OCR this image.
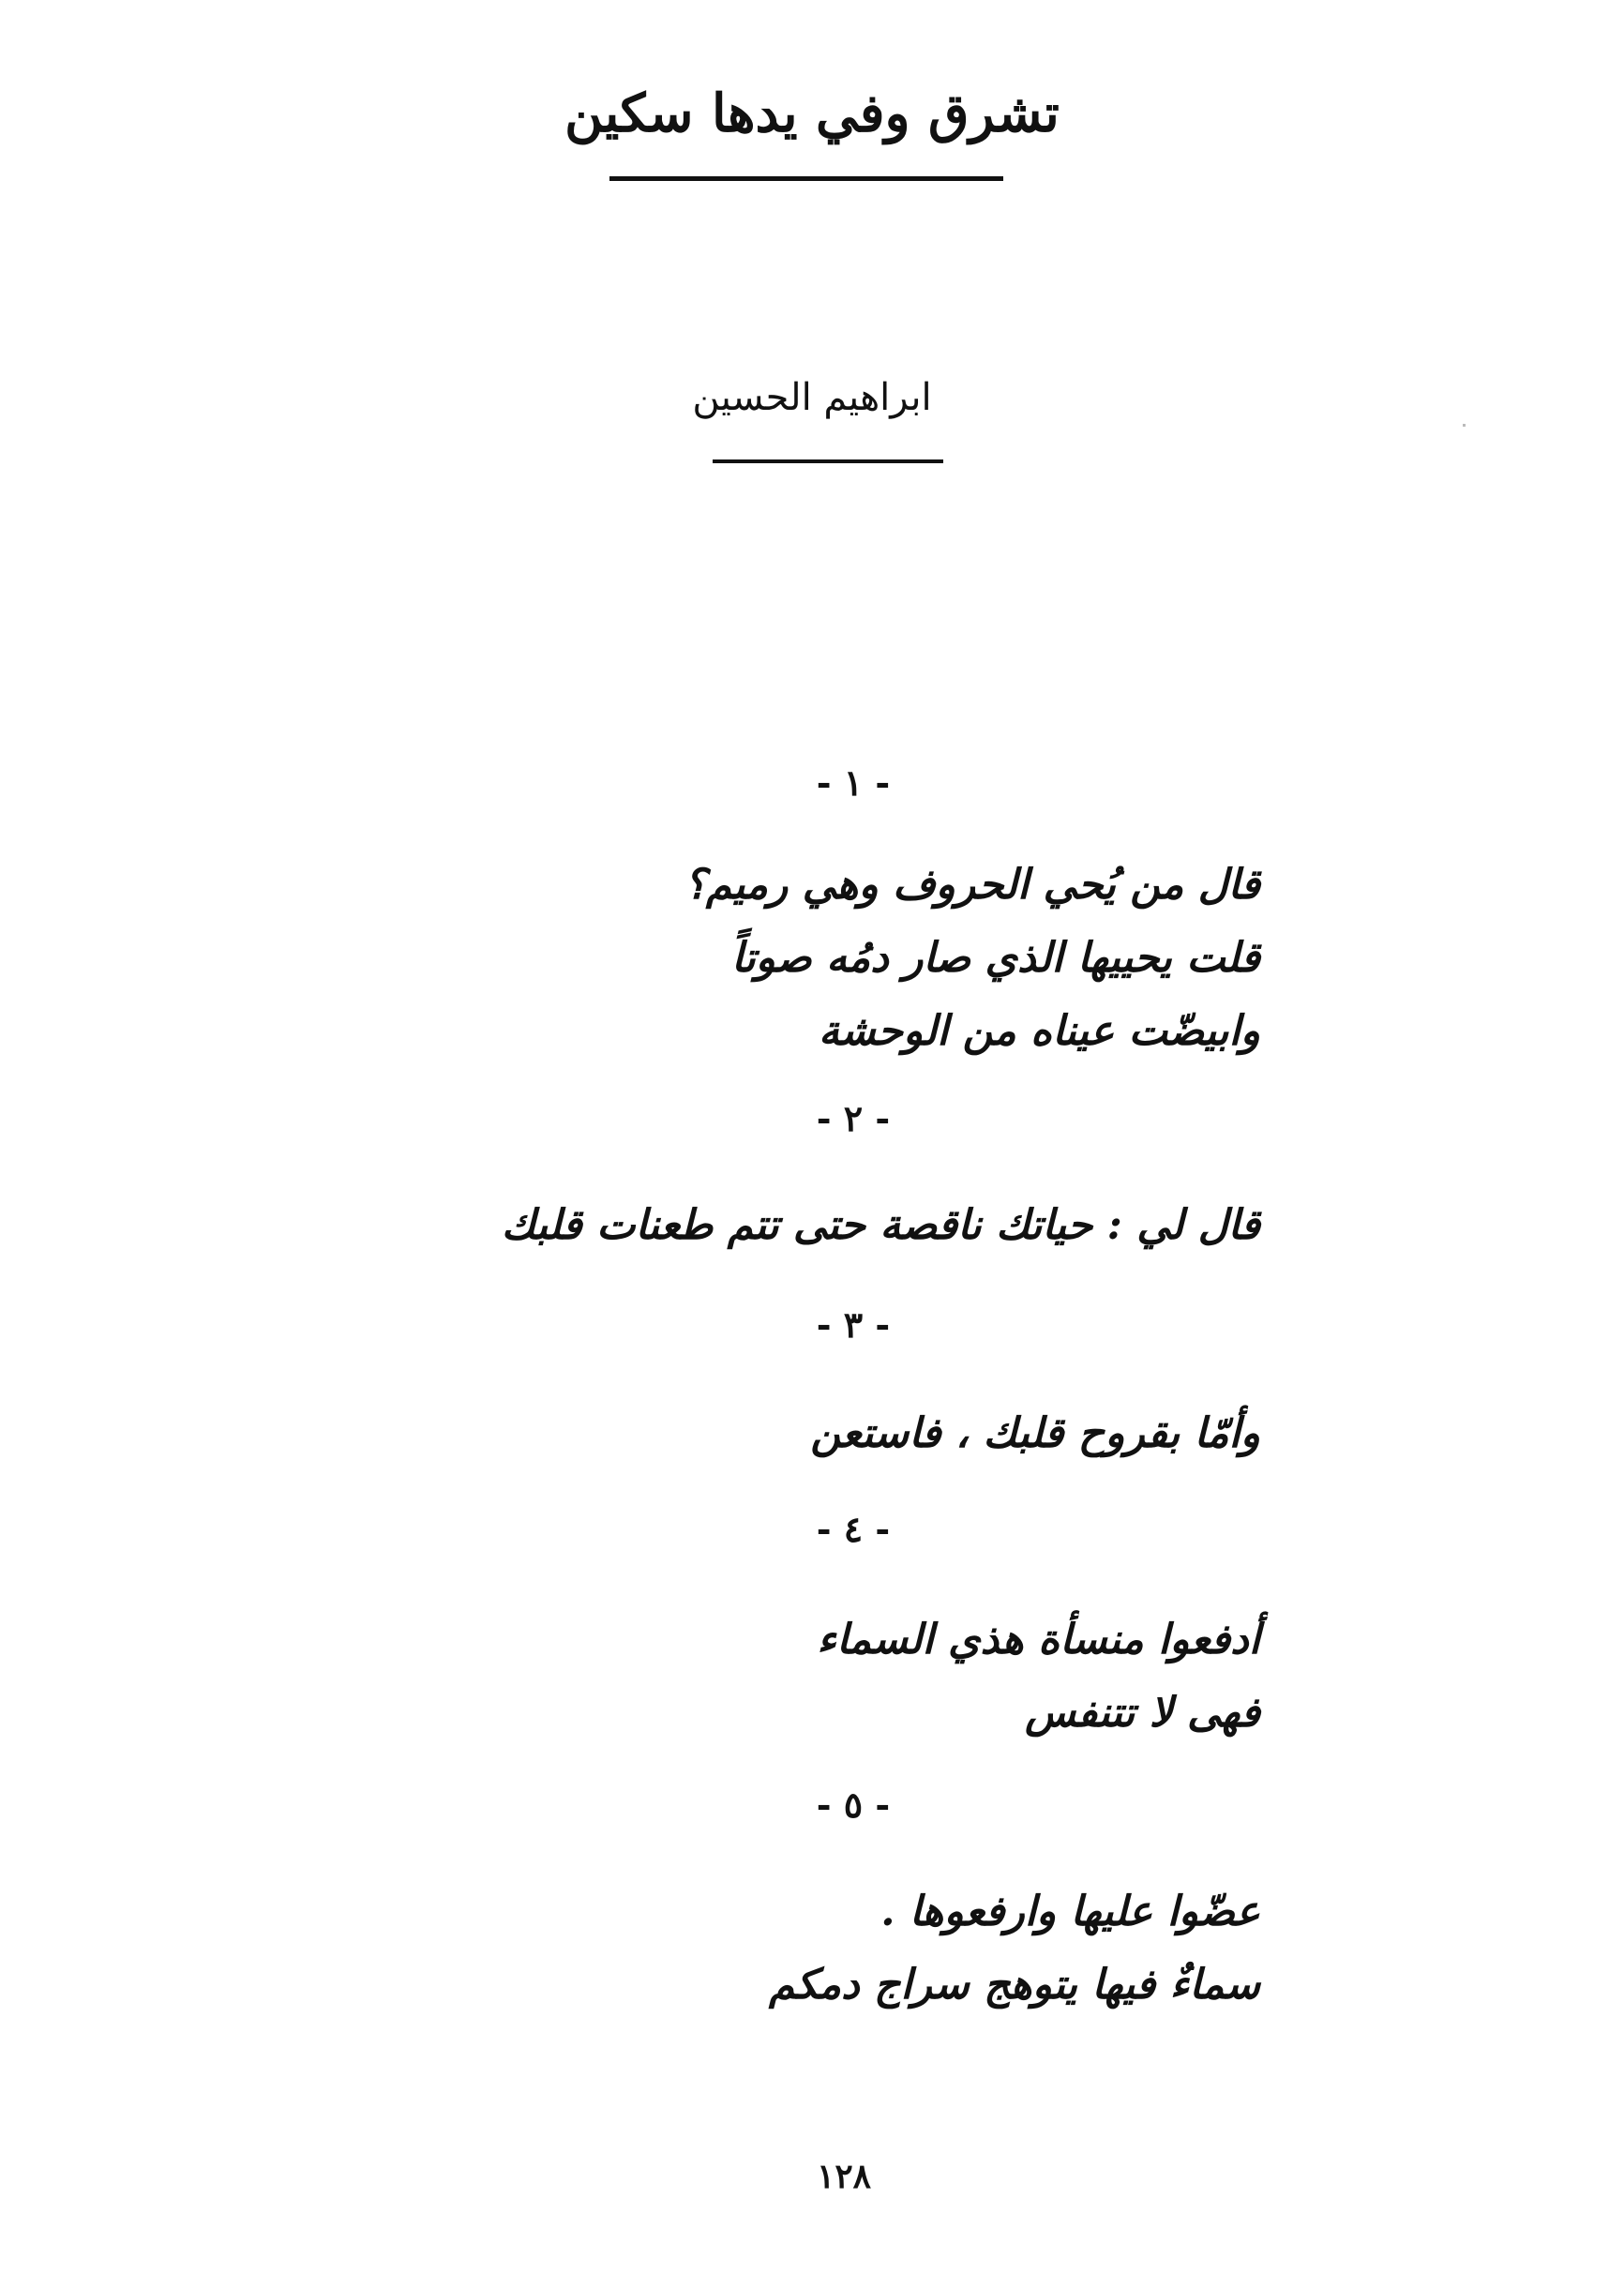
تشرق وفي يدها سكين
ابراهيم الحسين
- ١ -
قال من يُحي الحروف وهي رميم؟
قلت يحييها الذي صار دمُه صوتاً
وابيضّت عيناه من الوحشة
- ٢ -
قال لي : حياتك ناقصة حتى تتم طعنات قلبك
- ٣ -
وأمّا بقروح قلبك ، فاستعن
- ٤ -
أدفعوا منسأة هذي السماء
فهى لا تتنفس
- ٥ -
عضّوا عليها وارفعوها .
سماءٌ فيها يتوهج سراج دمكم
١٢٨
